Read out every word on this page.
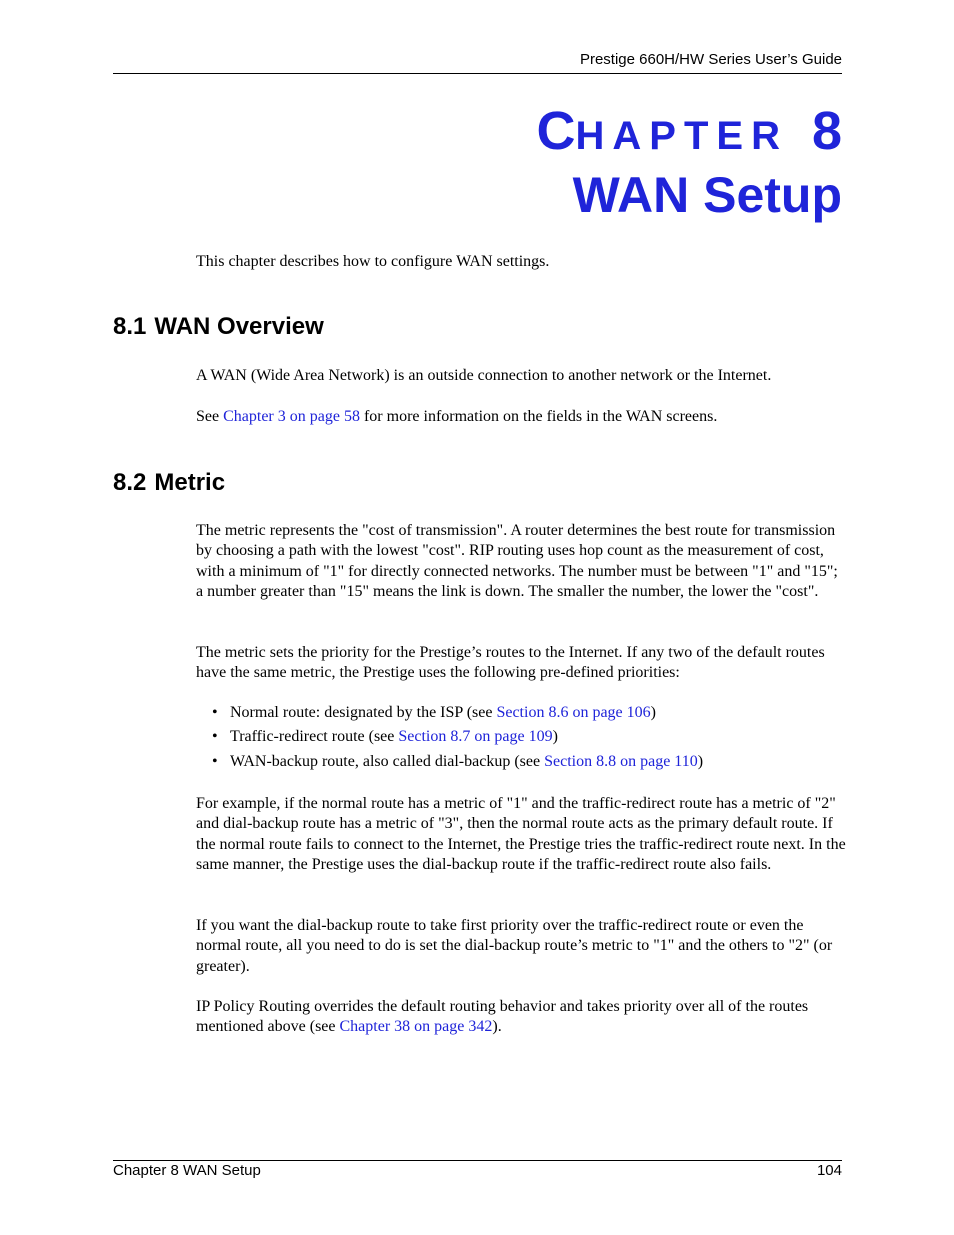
Prestige 660H/HW Series User’s Guide
CHAPTER 8
WAN Setup

This chapter describes how to configure WAN settings.

8.1 WAN Overview

A WAN (Wide Area Network) is an outside connection to another network or the Internet.

See Chapter 3 on page 58 for more information on the fields in the WAN screens.

8.2 Metric

The metric represents the "cost of transmission". A router determines the best route for transmission by choosing a path with the lowest "cost". RIP routing uses hop count as the measurement of cost, with a minimum of "1" for directly connected networks. The number must be between "1" and "15"; a number greater than "15" means the link is down. The smaller the number, the lower the "cost".

The metric sets the priority for the Prestige’s routes to the Internet. If any two of the default routes have the same metric, the Prestige uses the following pre-defined priorities:

• Normal route: designated by the ISP (see Section 8.6 on page 106)
• Traffic-redirect route (see Section 8.7 on page 109)
• WAN-backup route, also called dial-backup (see Section 8.8 on page 110)

For example, if the normal route has a metric of "1" and the traffic-redirect route has a metric of "2" and dial-backup route has a metric of "3", then the normal route acts as the primary default route. If the normal route fails to connect to the Internet, the Prestige tries the traffic-redirect route next. In the same manner, the Prestige uses the dial-backup route if the traffic-redirect route also fails.

If you want the dial-backup route to take first priority over the traffic-redirect route or even the normal route, all you need to do is set the dial-backup route’s metric to "1" and the others to "2" (or greater).

IP Policy Routing overrides the default routing behavior and takes priority over all of the routes mentioned above (see Chapter 38 on page 342).

Chapter 8 WAN Setup	104
